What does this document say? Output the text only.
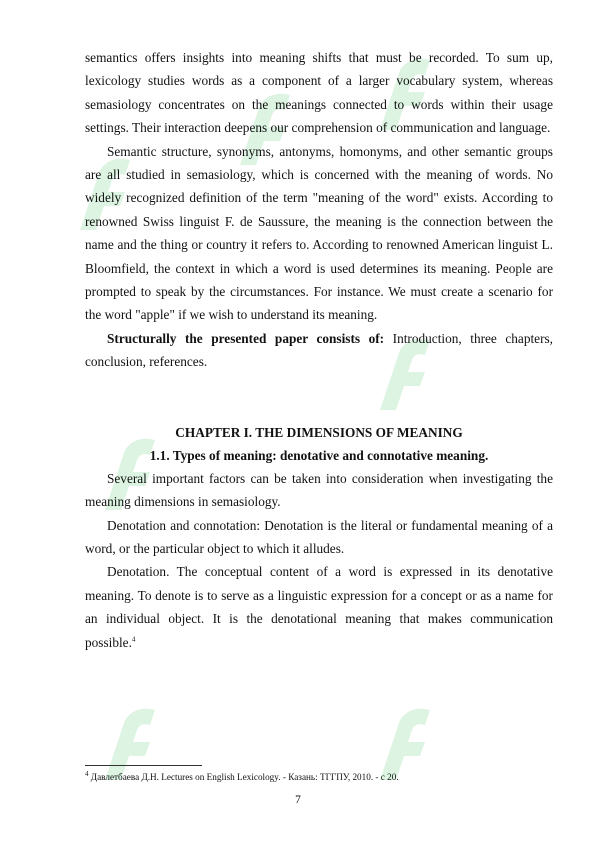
semantics offers insights into meaning shifts that must be recorded. To sum up, lexicology studies words as a component of a larger vocabulary system, whereas semasiology concentrates on the meanings connected to words within their usage settings. Their interaction deepens our comprehension of communication and language.

Semantic structure, synonyms, antonyms, homonyms, and other semantic groups are all studied in semasiology, which is concerned with the meaning of words. No widely recognized definition of the term "meaning of the word" exists. According to renowned Swiss linguist F. de Saussure, the meaning is the connection between the name and the thing or country it refers to. According to renowned American linguist L. Bloomfield, the context in which a word is used determines its meaning. People are prompted to speak by the circumstances. For instance. We must create a scenario for the word "apple" if we wish to understand its meaning.

Structurally the presented paper consists of: Introduction, three chapters, conclusion, references.

CHAPTER I. THE DIMENSIONS OF MEANING

1.1. Types of meaning: denotative and connotative meaning.

Several important factors can be taken into consideration when investigating the meaning dimensions in semasiology.

Denotation and connotation: Denotation is the literal or fundamental meaning of a word, or the particular object to which it alludes.

Denotation. The conceptual content of a word is expressed in its denotative meaning. To denote is to serve as a linguistic expression for a concept or as a name for an individual object. It is the denotational meaning that makes communication possible.$^4$

$^4$ Давлетбаева Д.Н. Lectures on English Lexicology. - Казань: ТГГПУ, 2010. - с 20.
7
